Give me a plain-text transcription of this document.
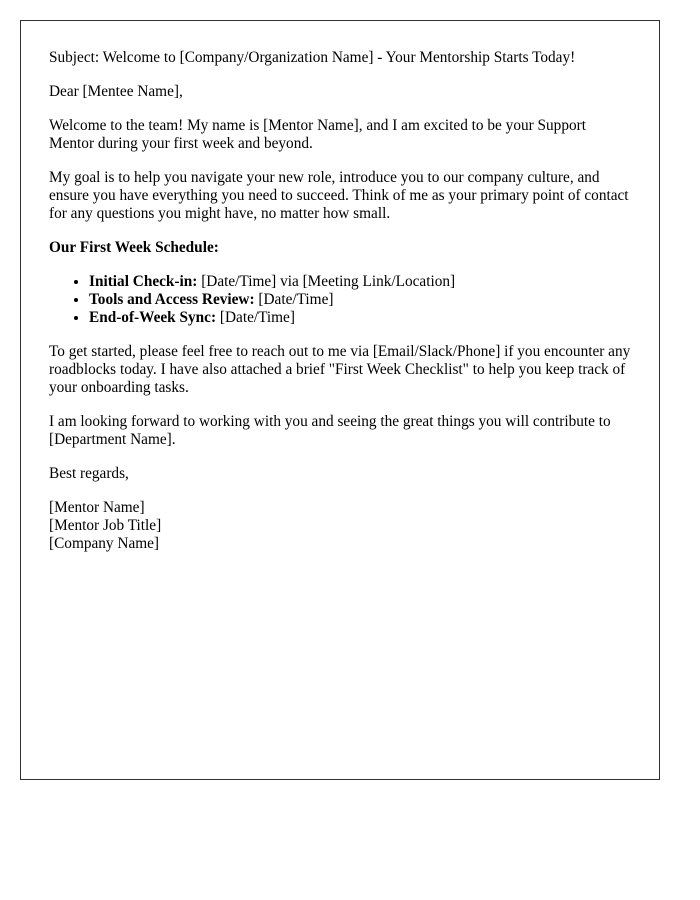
Subject: Welcome to [Company/Organization Name] - Your Mentorship Starts Today!

Dear [Mentee Name],

Welcome to the team! My name is [Mentor Name], and I am excited to be your Support Mentor during your first week and beyond.

My goal is to help you navigate your new role, introduce you to our company culture, and ensure you have everything you need to succeed. Think of me as your primary point of contact for any questions you might have, no matter how small.

Our First Week Schedule:

• Initial Check-in: [Date/Time] via [Meeting Link/Location]
• Tools and Access Review: [Date/Time]
• End-of-Week Sync: [Date/Time]

To get started, please feel free to reach out to me via [Email/Slack/Phone] if you encounter any roadblocks today. I have also attached a brief "First Week Checklist" to help you keep track of your onboarding tasks.

I am looking forward to working with you and seeing the great things you will contribute to [Department Name].

Best regards,

[Mentor Name]
[Mentor Job Title]
[Company Name]
